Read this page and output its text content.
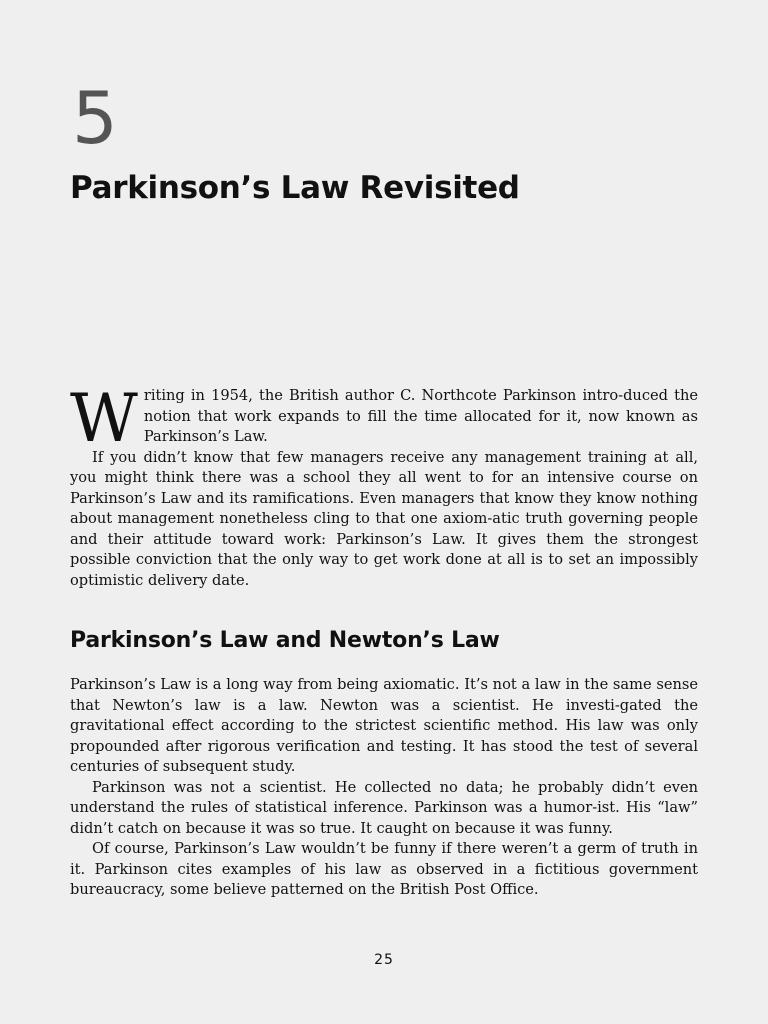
5
Parkinson’s Law Revisited

Writing in 1954, the British author C. Northcote Parkinson intro-duced the notion that work expands to fill the time allocated for it, now known as Parkinson’s Law.

If you didn’t know that few managers receive any management training at all, you might think there was a school they all went to for an intensive course on Parkinson’s Law and its ramifications. Even managers that know they know nothing about management nonetheless cling to that one axiom-atic truth governing people and their attitude toward work: Parkinson’s Law. It gives them the strongest possible conviction that the only way to get work done at all is to set an impossibly optimistic delivery date.

Parkinson’s Law and Newton’s Law

Parkinson’s Law is a long way from being axiomatic. It’s not a law in the same sense that Newton’s law is a law. Newton was a scientist. He investi-gated the gravitational effect according to the strictest scientific method. His law was only propounded after rigorous verification and testing. It has stood the test of several centuries of subsequent study.

Parkinson was not a scientist. He collected no data; he probably didn’t even understand the rules of statistical inference. Parkinson was a humor-ist. His “law” didn’t catch on because it was so true. It caught on because it was funny.

Of course, Parkinson’s Law wouldn’t be funny if there weren’t a germ of truth in it. Parkinson cites examples of his law as observed in a fictitious government bureaucracy, some believe patterned on the British Post Office.

25
